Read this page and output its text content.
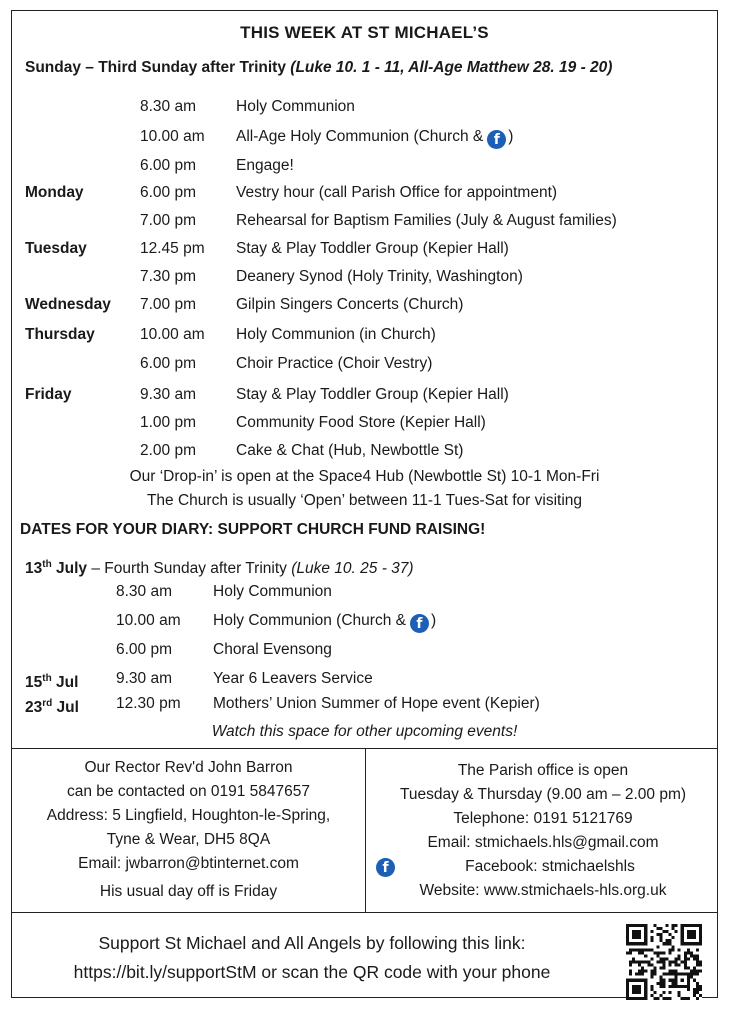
THIS WEEK AT ST MICHAEL’S
Sunday – Third Sunday after Trinity (Luke 10. 1 - 11, All-Age Matthew 28. 19 - 20)
8.30 am	Holy Communion
10.00 am All-Age Holy Communion (Church & f )
6.00 pm	Engage!
Monday	6.00 pm	Vestry hour (call Parish Office for appointment)
7.00 pm	Rehearsal for Baptism Families (July & August families)
Tuesday	12.45 pm Stay & Play Toddler Group (Kepier Hall)
7.30 pm	Deanery Synod (Holy Trinity, Washington)
Wednesday 7.00 pm	Gilpin Singers Concerts (Church)
Thursday	10.00 am Holy Communion (in Church)
6.00 pm	Choir Practice (Choir Vestry)
Friday	9.30 am	Stay & Play Toddler Group (Kepier Hall)
1.00 pm	Community Food Store (Kepier Hall)
2.00 pm	Cake & Chat (Hub, Newbottle St)
Our ‘Drop-in’ is open at the Space4 Hub (Newbottle St) 10-1 Mon-Fri
The Church is usually ‘Open’ between 11-1 Tues-Sat for visiting
DATES FOR YOUR DIARY: SUPPORT CHURCH FUND RAISING!
13th July – Fourth Sunday after Trinity (Luke 10. 25 - 37)
8.30 am	Holy Communion
10.00 am Holy Communion (Church & f )
6.00 pm	Choral Evensong
15th Jul 9.30 am	Year 6 Leavers Service
23rd Jul 12.30 pm Mothers’ Union Summer of Hope event (Kepier)
Watch this space for other upcoming events!
Our Rector Rev'd John Barron
can be contacted on 0191 5847657
Address: 5 Lingfield, Houghton-le-Spring,
Tyne & Wear, DH5 8QA
Email: jwbarron@btinternet.com
His usual day off is Friday
The Parish office is open
Tuesday & Thursday (9.00 am – 2.00 pm)
Telephone: 0191 5121769
Email: stmichaels.hls@gmail.com
f	Facebook: stmichaelshls
Website: www.stmichaels-hls.org.uk
Support St Michael and All Angels by following this link:
https://bit.ly/supportStM or scan the QR code with your phone
